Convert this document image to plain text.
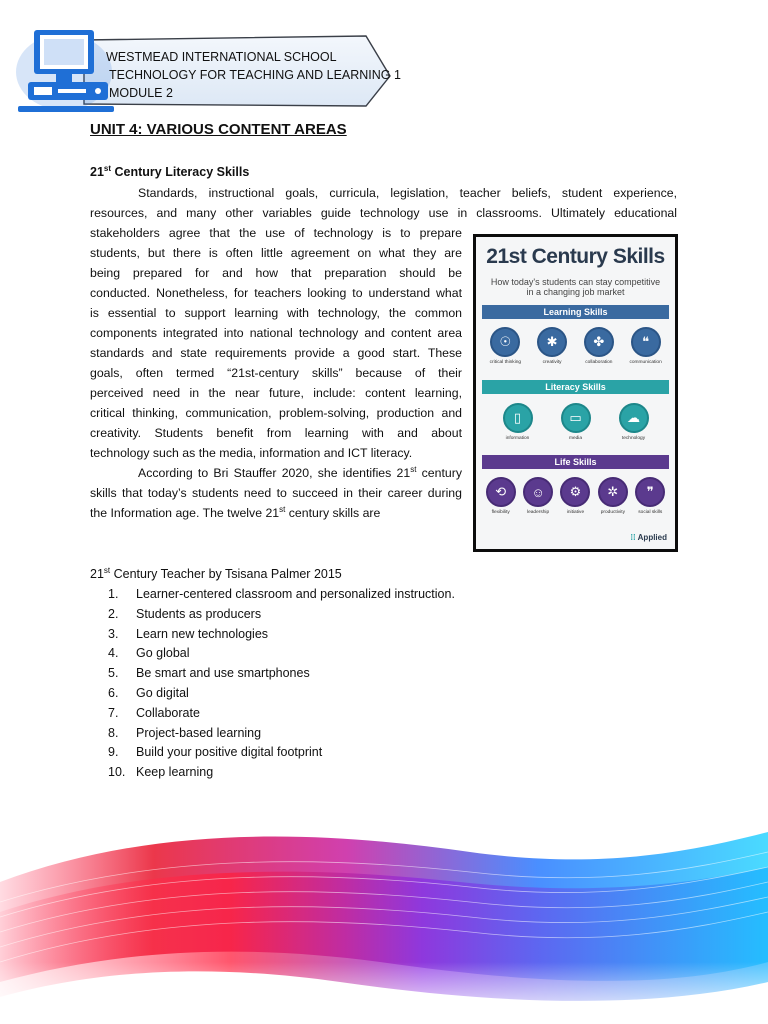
WESTMEAD INTERNATIONAL SCHOOL
TECHNOLOGY FOR TEACHING AND LEARNING 1
MODULE 2
UNIT 4: VARIOUS CONTENT AREAS
21st Century Literacy Skills
Standards, instructional goals, curricula, legislation, teacher beliefs, student experience,
resources, and many other variables guide technology use in classrooms. Ultimately educational
stakeholders agree that the use of technology is to prepare
students, but there is often little agreement on what they are
being prepared for and how that preparation should be
conducted. Nonetheless, for teachers looking to understand what
is essential to support learning with technology, the common
components integrated into national technology and content area
standards and state requirements provide a good start. These
goals, often termed “21st-century skills” because of their
perceived need in the near future, include: content learning,
critical thinking, communication, problem-solving, production and
creativity. Students benefit from learning with and about
technology such as the media, information and ICT literacy.
According to Bri Stauffer 2020, she identifies 21st century
skills that today’s students need to succeed in their career during
the Information age. The twelve 21st century skills are
21st Century Skills
How today's students can stay competitive
in a changing job market
Learning Skills
☉
critical thinking
✱
creativity
✤
collaboration
❝
communication
Literacy Skills
▯
information
▭
media
☁
technology
Life Skills
⟲
flexibility
☺
leadership
⚙
initiative
✲
productivity
❞
social skills
⁞⁞ Applied
21st Century Teacher by Tsisana Palmer 2015
1. Learner-centered classroom and personalized instruction.
2. Students as producers
3. Learn new technologies
4. Go global
5. Be smart and use smartphones
6. Go digital
7. Collaborate
8. Project-based learning
9. Build your positive digital footprint
10. Keep learning
